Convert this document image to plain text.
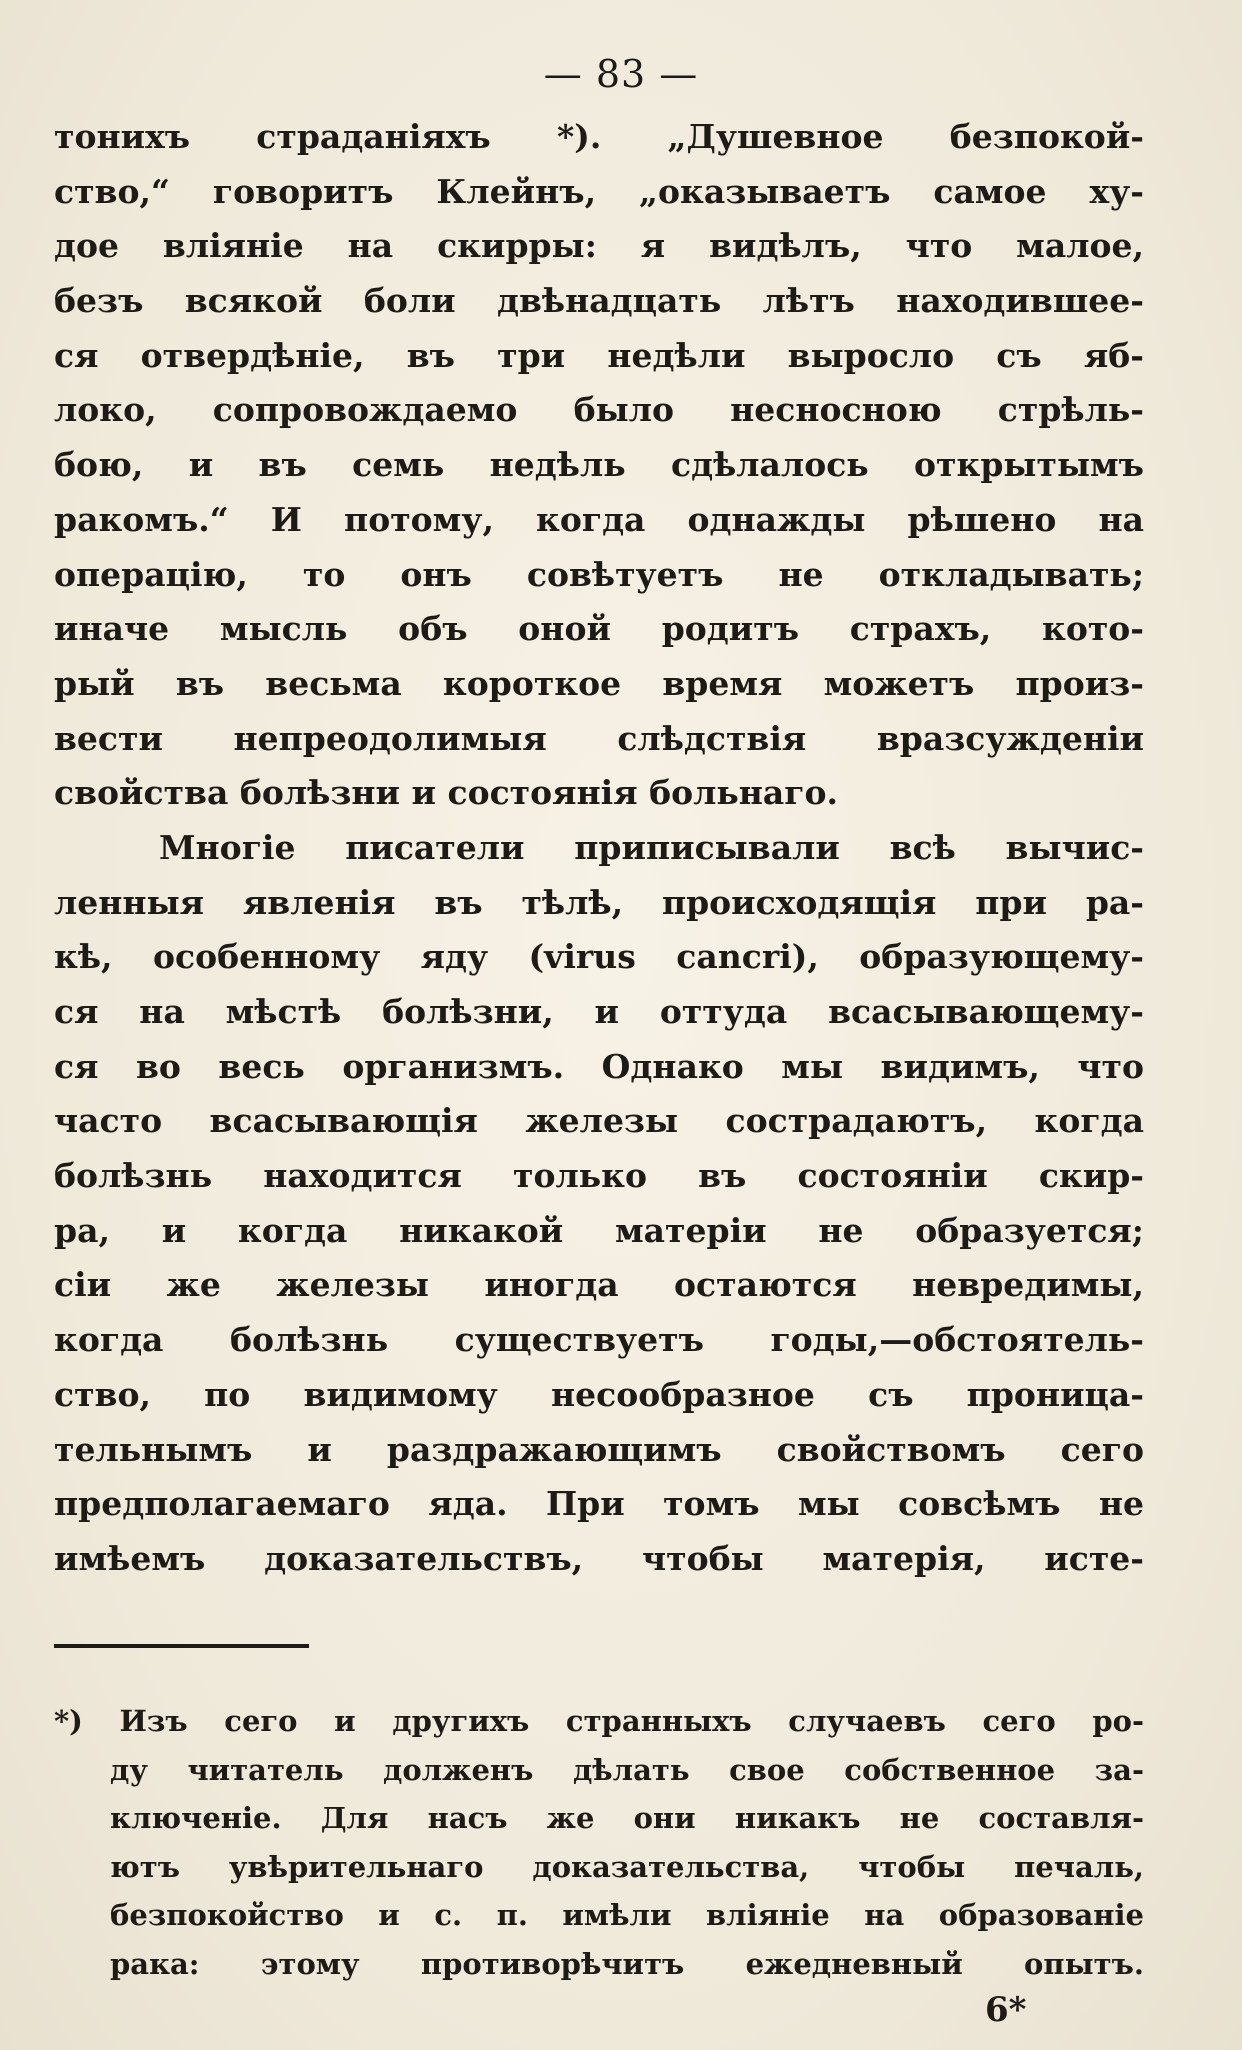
— 83 —
тонихъ страданіяхъ *). „Душевное безпокой-
ство,“ говоритъ Клейнъ, „оказываетъ самое ху-
дое вліяніе на скирры: я видѣлъ, что малое,
безъ всякой боли двѣнадцать лѣтъ находившее-
ся отвердѣніе, въ три недѣли выросло съ яб-
локо, сопровождаемо было несносною стрѣль-
бою, и въ семь недѣль сдѣлалось открытымъ
ракомъ.“ И потому, когда однажды рѣшено на
операцію, то онъ совѣтуетъ не откладывать;
иначе мысль объ оной родитъ страхъ, кото-
рый въ весьма короткое время можетъ произ-
вести непреодолимыя слѣдствія вразсужденіи
свойства болѣзни и состоянія больнаго.
Многіе писатели приписывали всѣ вычис-
ленныя явленія въ тѣлѣ, происходящія при ра-
кѣ, особенному яду (virus cancri), образующему-
ся на мѣстѣ болѣзни, и оттуда всасывающему-
ся во весь организмъ. Однако мы видимъ, что
часто всасывающія железы сострадаютъ, когда
болѣзнь находится только въ состояніи скир-
ра, и когда никакой матеріи не образуется;
сіи же железы иногда остаются невредимы,
когда болѣзнь существуетъ годы,—обстоятель-
ство, по видимому несообразное съ проница-
тельнымъ и раздражающимъ свойствомъ сего
предполагаемаго яда. При томъ мы совсѣмъ не
имѣемъ доказательствъ, чтобы матерія, исте-
*) Изъ сего и другихъ странныхъ случаевъ сего ро-
ду читатель долженъ дѣлать свое собственное за-
ключеніе. Для насъ же они никакъ не составля-
ютъ увѣрительнаго доказательства, чтобы печаль,
безпокойство и с. п. имѣли вліяніе на образованіе
рака: этому противорѣчитъ ежедневный опытъ.
6*
